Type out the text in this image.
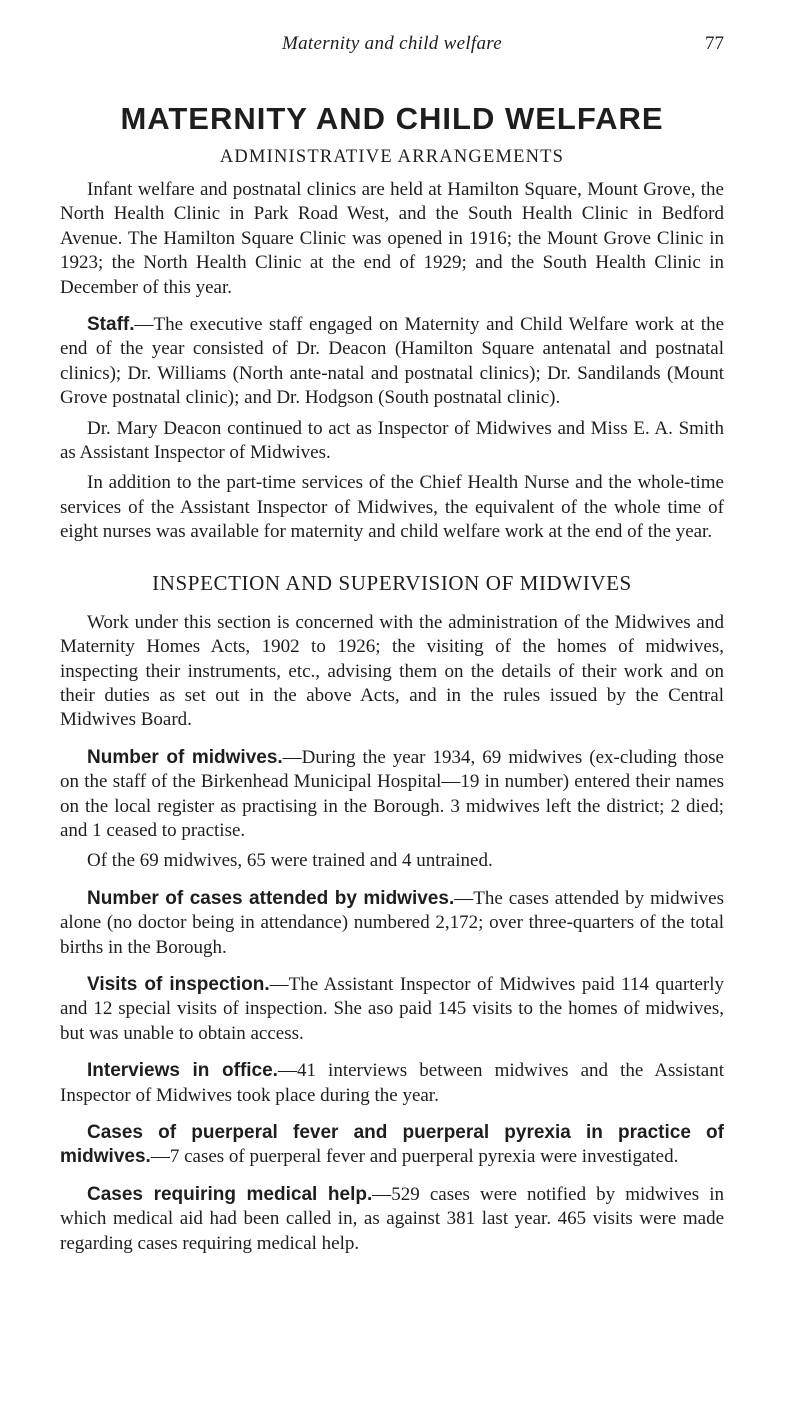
Maternity and child welfare	77
MATERNITY AND CHILD WELFARE
ADMINISTRATIVE ARRANGEMENTS

Infant welfare and postnatal clinics are held at Hamilton Square, Mount Grove, the North Health Clinic in Park Road West, and the South Health Clinic in Bedford Avenue. The Hamilton Square Clinic was opened in 1916; the Mount Grove Clinic in 1923; the North Health Clinic at the end of 1929; and the South Health Clinic in December of this year.

Staff.—The executive staff engaged on Maternity and Child Welfare work at the end of the year consisted of Dr. Deacon (Hamilton Square antenatal and postnatal clinics); Dr. Williams (North ante-natal and postnatal clinics); Dr. Sandilands (Mount Grove postnatal clinic); and Dr. Hodgson (South postnatal clinic).

Dr. Mary Deacon continued to act as Inspector of Midwives and Miss E. A. Smith as Assistant Inspector of Midwives.

In addition to the part-time services of the Chief Health Nurse and the whole-time services of the Assistant Inspector of Midwives, the equivalent of the whole time of eight nurses was available for maternity and child welfare work at the end of the year.

INSPECTION AND SUPERVISION OF MIDWIVES

Work under this section is concerned with the administration of the Midwives and Maternity Homes Acts, 1902 to 1926; the visiting of the homes of midwives, inspecting their instruments, etc., advising them on the details of their work and on their duties as set out in the above Acts, and in the rules issued by the Central Midwives Board.

Number of midwives.—During the year 1934, 69 midwives (ex-cluding those on the staff of the Birkenhead Municipal Hospital—19 in number) entered their names on the local register as practising in the Borough. 3 midwives left the district; 2 died; and 1 ceased to practise.

Of the 69 midwives, 65 were trained and 4 untrained.

Number of cases attended by midwives.—The cases attended by midwives alone (no doctor being in attendance) numbered 2,172; over three-quarters of the total births in the Borough.

Visits of inspection.—The Assistant Inspector of Midwives paid 114 quarterly and 12 special visits of inspection. She aso paid 145 visits to the homes of midwives, but was unable to obtain access.

Interviews in office.—41 interviews between midwives and the Assistant Inspector of Midwives took place during the year.

Cases of puerperal fever and puerperal pyrexia in practice of midwives.—7 cases of puerperal fever and puerperal pyrexia were investigated.

Cases requiring medical help.—529 cases were notified by midwives in which medical aid had been called in, as against 381 last year. 465 visits were made regarding cases requiring medical help.
